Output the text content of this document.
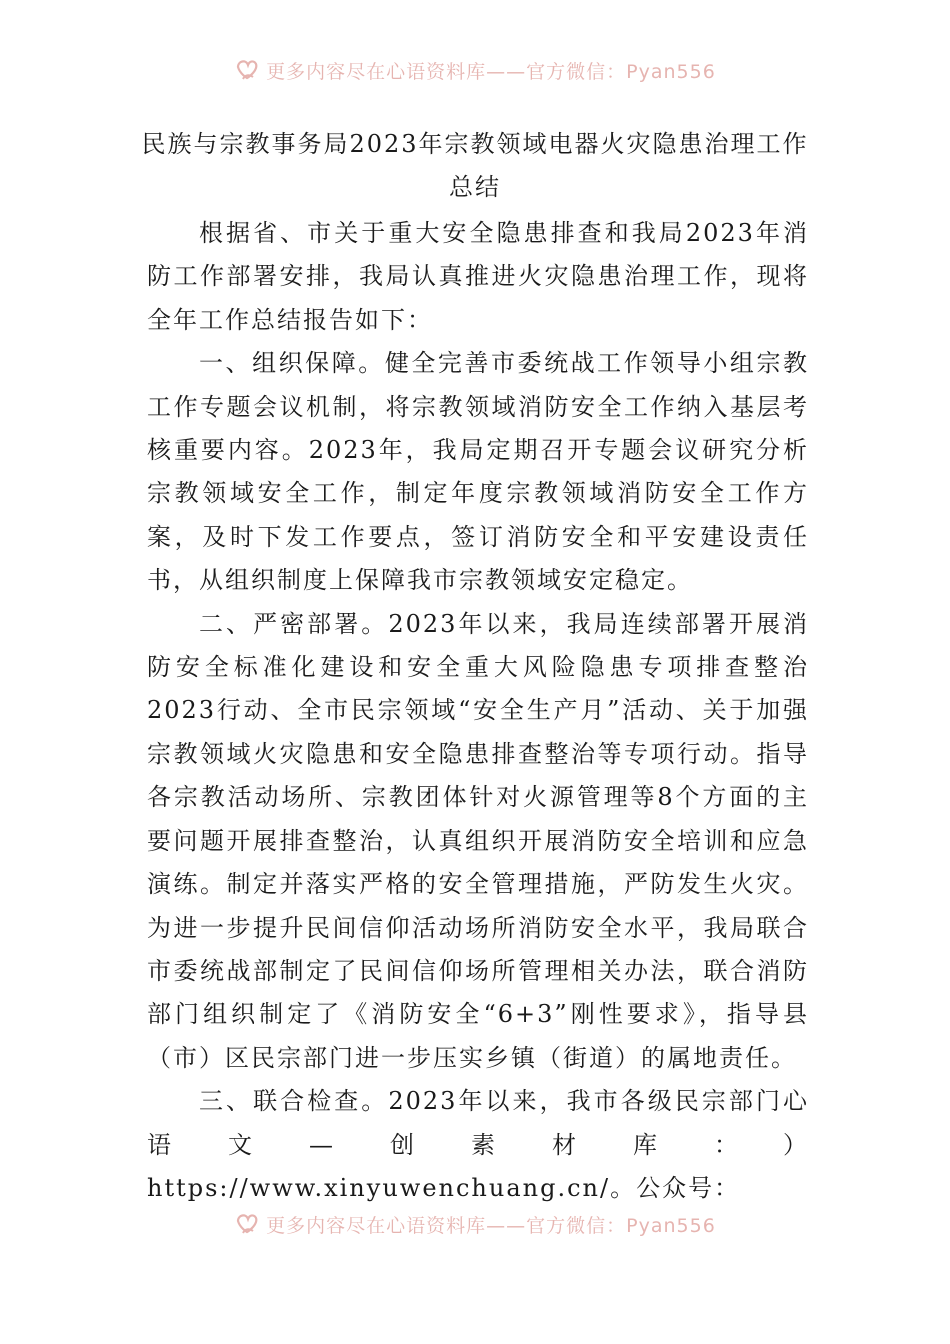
更多内容尽在心语资料库——官方微信：Pyan556
民族与宗教事务局2023年宗教领域电器火灾隐患治理工作
总结

根据省、市关于重大安全隐患排查和我局2023年消防工作部署安排，我局认真推进火灾隐患治理工作，现将全年工作总结报告如下：

一、组织保障。健全完善市委统战工作领导小组宗教工作专题会议机制，将宗教领域消防安全工作纳入基层考核重要内容。2023年，我局定期召开专题会议研究分析宗教领域安全工作，制定年度宗教领域消防安全工作方案，及时下发工作要点，签订消防安全和平安建设责任书，从组织制度上保障我市宗教领域安定稳定。

二、严密部署。2023年以来，我局连续部署开展消防安全标准化建设和安全重大风险隐患专项排查整治2023行动、全市民宗领域“安全生产月”活动、关于加强宗教领域火灾隐患和安全隐患排查整治等专项行动。指导各宗教活动场所、宗教团体针对火源管理等8个方面的主要问题开展排查整治，认真组织开展消防安全培训和应急演练。制定并落实严格的安全管理措施，严防发生火灾。为进一步提升民间信仰活动场所消防安全水平，我局联合市委统战部制定了民间信仰场所管理相关办法，联合消防部门组织制定了《消防安全“6+3”刚性要求》，指导县（市）区民宗部门进一步压实乡镇（街道）的属地责任。

三、联合检查。2023年以来，我市各级民宗部门心语文—创素材库：）https://www.xinyuwenchuang.cn/。公众号：

更多内容尽在心语资料库——官方微信：Pyan556
